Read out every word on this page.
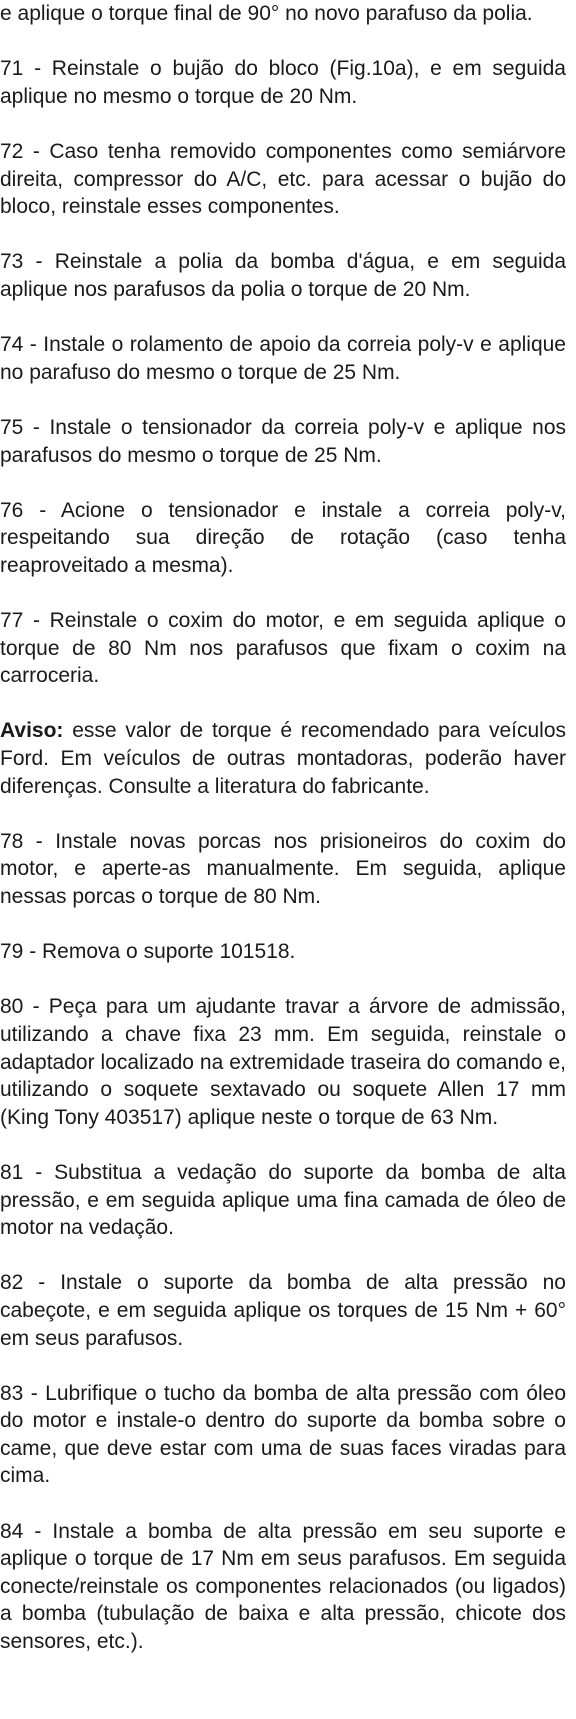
e aplique o torque final de 90° no novo parafuso da polia.

71 - Reinstale o bujão do bloco (Fig.10a), e em seguida aplique no mesmo o torque de 20 Nm.

72 - Caso tenha removido componentes como semiárvore direita, compressor do A/C, etc. para acessar o bujão do bloco, reinstale esses componentes.

73 - Reinstale a polia da bomba d'água, e em seguida aplique nos parafusos da polia o torque de 20 Nm.

74 - Instale o rolamento de apoio da correia poly-v e aplique no parafuso do mesmo o torque de 25 Nm.

75 - Instale o tensionador da correia poly-v e aplique nos parafusos do mesmo o torque de 25 Nm.

76 - Acione o tensionador e instale a correia poly-v, respeitando sua direção de rotação (caso tenha reaproveitado a mesma).

77 - Reinstale o coxim do motor, e em seguida aplique o torque de 80 Nm nos parafusos que fixam o coxim na carroceria.

Aviso: esse valor de torque é recomendado para veículos Ford. Em veículos de outras montadoras, poderão haver diferenças. Consulte a literatura do fabricante.

78 - Instale novas porcas nos prisioneiros do coxim do motor, e aperte-as manualmente. Em seguida, aplique nessas porcas o torque de 80 Nm.

79 - Remova o suporte 101518.

80 - Peça para um ajudante travar a árvore de admissão, utilizando a chave fixa 23 mm. Em seguida, reinstale o adaptador localizado na extremidade traseira do comando e, utilizando o soquete sextavado ou soquete Allen 17 mm (King Tony 403517) aplique neste o torque de 63 Nm.

81 - Substitua a vedação do suporte da bomba de alta pressão, e em seguida aplique uma fina camada de óleo de motor na vedação.

82 - Instale o suporte da bomba de alta pressão no cabeçote, e em seguida aplique os torques de 15 Nm + 60° em seus parafusos.

83 - Lubrifique o tucho da bomba de alta pressão com óleo do motor e instale-o dentro do suporte da bomba sobre o came, que deve estar com uma de suas faces viradas para cima.

84 - Instale a bomba de alta pressão em seu suporte e aplique o torque de 17 Nm em seus parafusos. Em seguida conecte/reinstale os componentes relacionados (ou ligados) a bomba (tubulação de baixa e alta pressão, chicote dos sensores, etc.).
